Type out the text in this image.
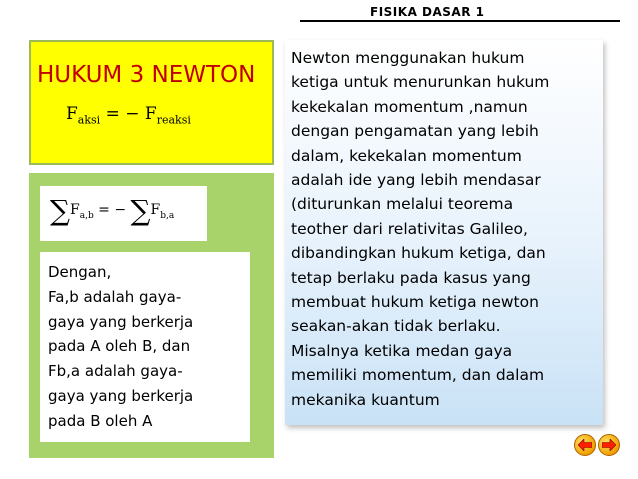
FISIKA DASAR 1
HUKUM 3 NEWTON
$F_{aksi}$ = − $F_{reaksi}$
$\sum F_{a,b}$ = − $\sum F_{b,a}$
Dengan,
Fa,b adalah gaya-
gaya yang berkerja
pada A oleh B, dan
Fb,a adalah gaya-
gaya yang berkerja
pada B oleh A
Newton menggunakan hukum
ketiga untuk menurunkan hukum
kekekalan momentum ,namun
dengan pengamatan yang lebih
dalam, kekekalan momentum
adalah ide yang lebih mendasar
(diturunkan melalui teorema
teother dari relativitas Galileo,
dibandingkan hukum ketiga, dan
tetap berlaku pada kasus yang
membuat hukum ketiga newton
seakan-akan tidak berlaku.
Misalnya ketika medan gaya
memiliki momentum, dan dalam
mekanika kuantum
